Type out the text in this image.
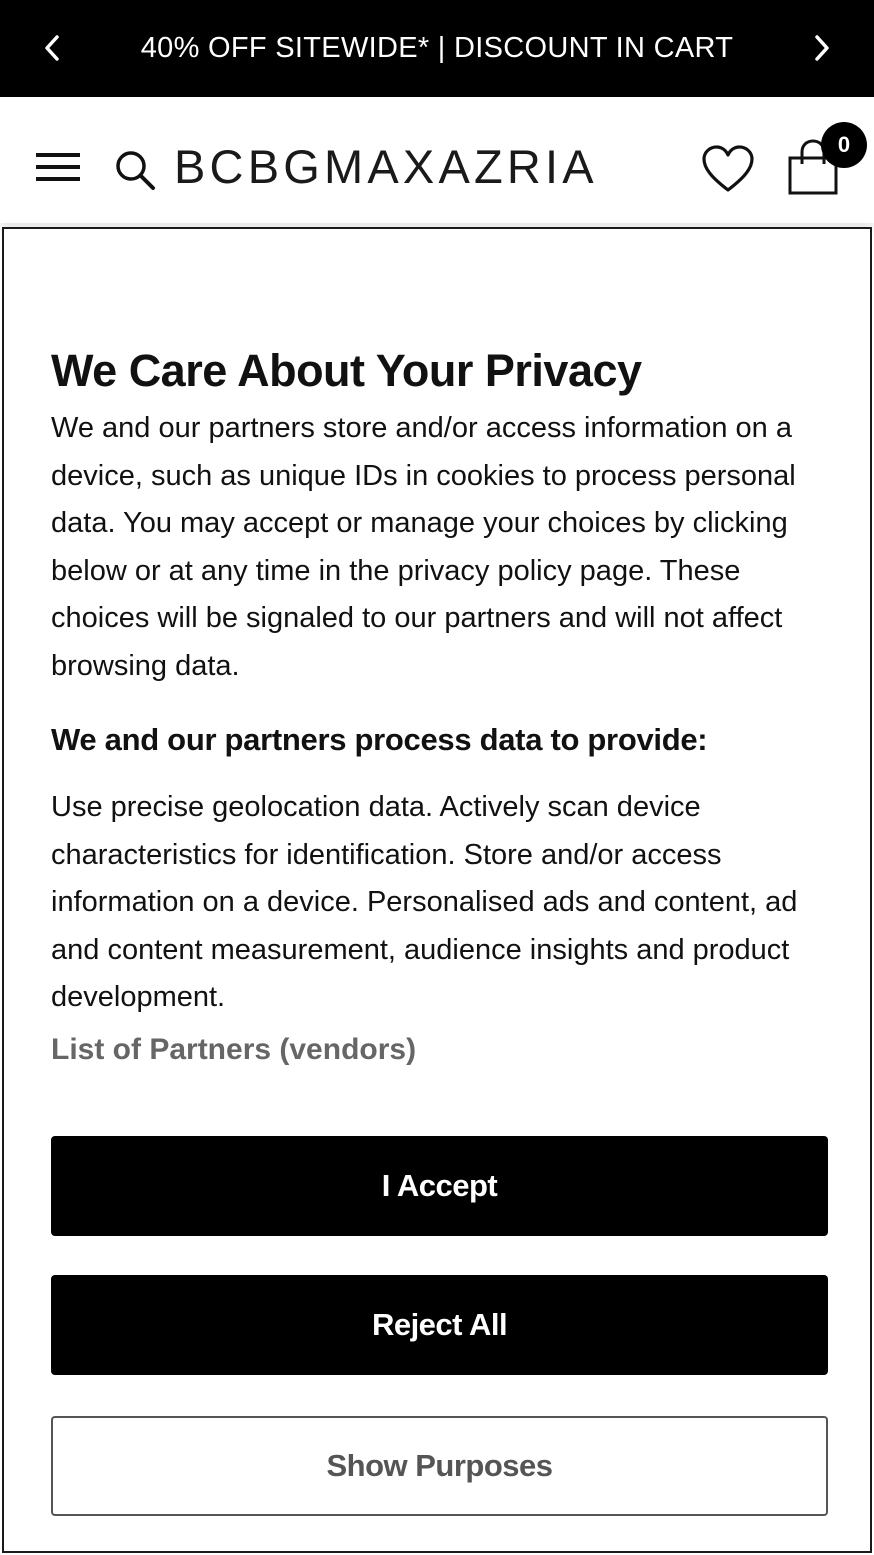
40% OFF SITEWIDE* | DISCOUNT IN CART
BCBGMAXAZRIA	0
We Care About Your Privacy

We and our partners store and/or access information on a device, such as unique IDs in cookies to process personal data. You may accept or manage your choices by clicking below or at any time in the privacy policy page. These choices will be signaled to our partners and will not affect browsing data.

We and our partners process data to provide:

Use precise geolocation data. Actively scan device characteristics for identification. Store and/or access information on a device. Personalised ads and content, ad and content measurement, audience insights and product development.

List of Partners (vendors)
I Accept
Reject All
Show Purposes
